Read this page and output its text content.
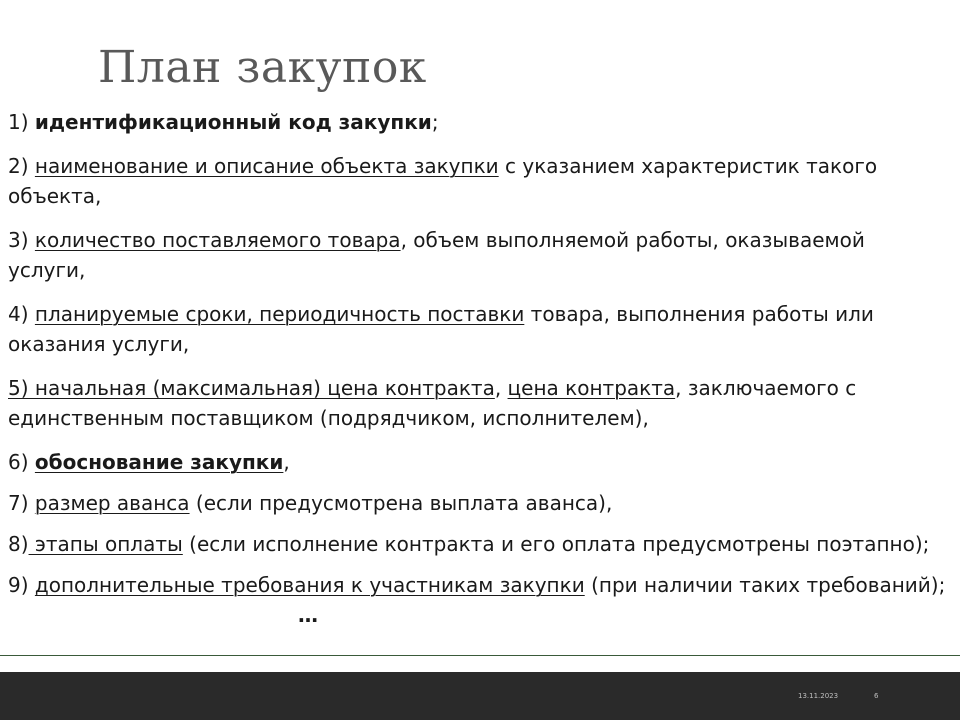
План закупок

1) идентификационный код закупки;

2) наименование и описание объекта закупки с указанием характеристик такого объекта,

3) количество поставляемого товара, объем выполняемой работы, оказываемой услуги,

4) планируемые сроки, периодичность поставки товара, выполнения работы или оказания услуги,

5) начальная (максимальная) цена контракта, цена контракта, заключаемого с единственным поставщиком (подрядчиком, исполнителем),

6) обоснование закупки,

7) размер аванса (если предусмотрена выплата аванса),

8) этапы оплаты (если исполнение контракта и его оплата предусмотрены поэтапно);

9) дополнительные требования к участникам закупки (при наличии таких требований);…

13.11.2023	6
